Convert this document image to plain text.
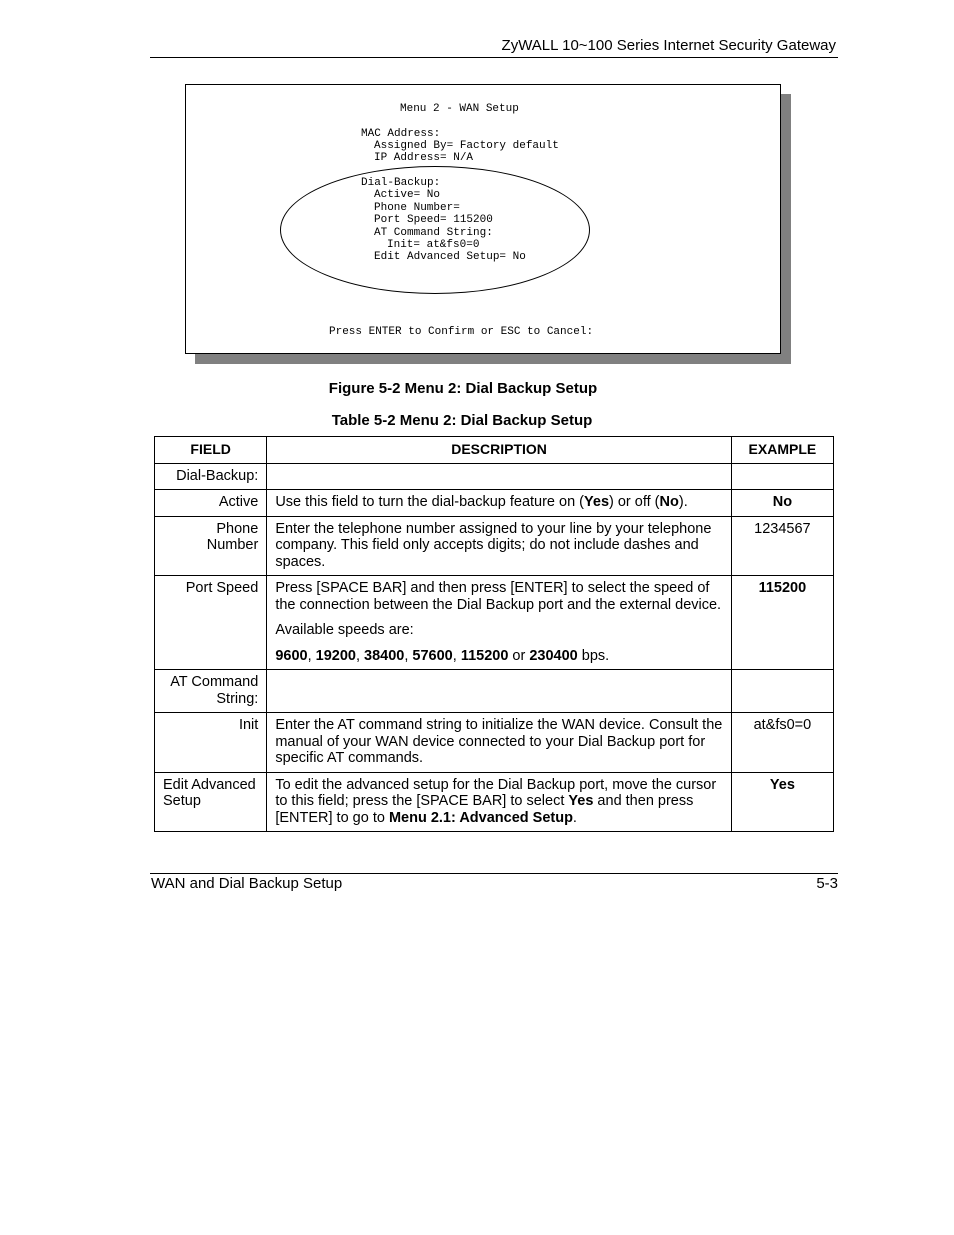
ZyWALL 10~100 Series Internet Security Gateway
Menu 2 - WAN Setup
MAC Address:
Assigned By= Factory default
IP Address= N/A
Dial-Backup:
Active= No
Phone Number=
Port Speed= 115200
AT Command String:
Init= at&fs0=0
Edit Advanced Setup= No
Press ENTER to Confirm or ESC to Cancel:
Figure 5-2 Menu 2: Dial Backup Setup
Table 5-2 Menu 2: Dial Backup Setup
FIELD	DESCRIPTION	EXAMPLE
Dial-Backup:		
Active	Use this field to turn the dial-backup feature on (Yes) or off (No).	No
Phone
Number	Enter the telephone number assigned to your line by your telephone company. This field only accepts digits; do not include dashes and spaces.	1234567
Port Speed	Press [SPACE BAR] and then press [ENTER] to select the speed of the connection between the Dial Backup port and the external device.

Available speeds are:

9600, 19200, 38400, 57600, 115200 or 230400 bps.	115200
AT Command
String:		
Init	Enter the AT command string to initialize the WAN device. Consult the manual of your WAN device connected to your Dial Backup port for specific AT commands.	at&fs0=0
Edit Advanced
Setup	To edit the advanced setup for the Dial Backup port, move the cursor to this field; press the [SPACE BAR] to select Yes and then press [ENTER] to go to Menu 2.1: Advanced Setup.	Yes
WAN and Dial Backup Setup	5-3
